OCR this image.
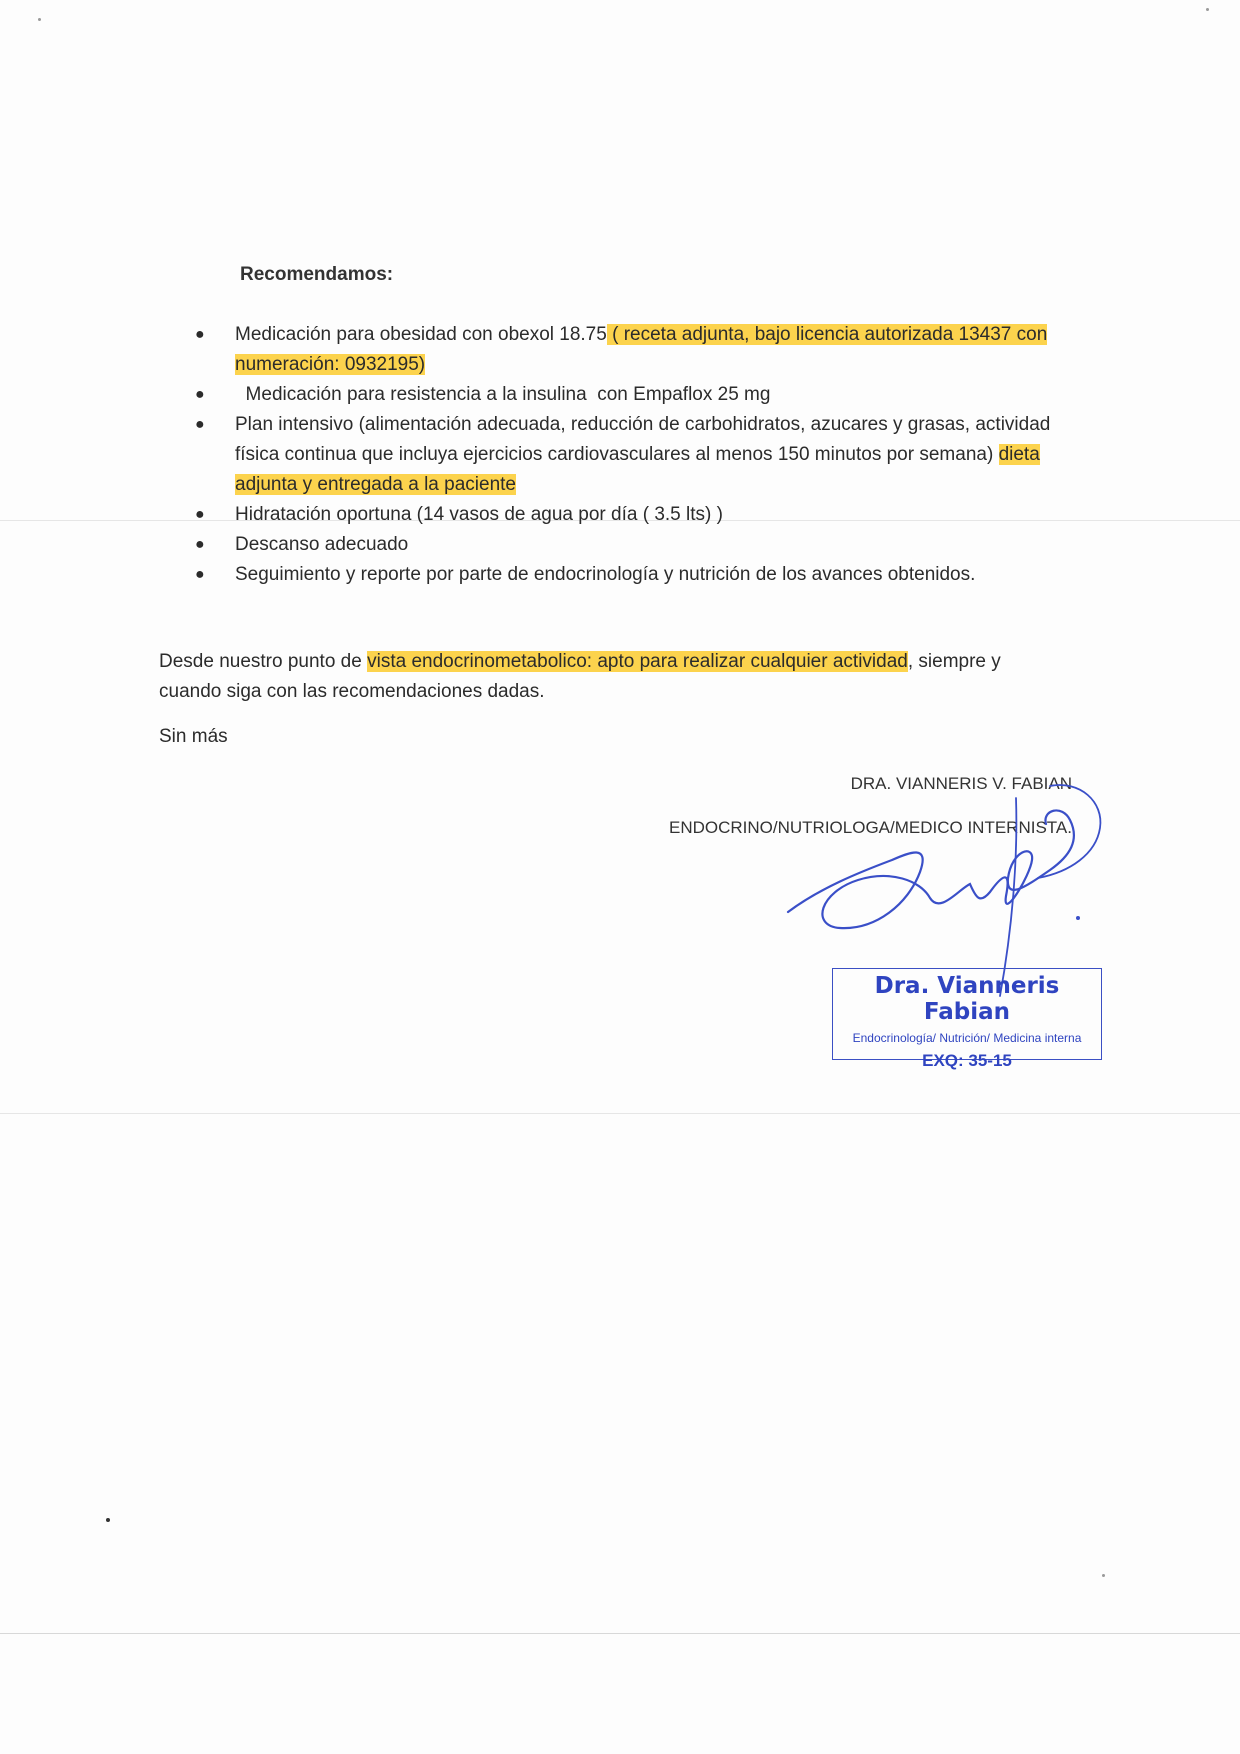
Recomendamos:
● Medicación para obesidad con obexol 18.75 ( receta adjunta, bajo licencia autorizada 13437 con numeración: 0932195)
● Medicación para resistencia a la insulina  con Empaflox 25 mg
● Plan intensivo (alimentación adecuada, reducción de carbohidratos, azucares y grasas, actividad física continua que incluya ejercicios cardiovasculares al menos 150 minutos por semana) dieta adjunta y entregada a la paciente
● Hidratación oportuna (14 vasos de agua por día ( 3.5 lts) )
● Descanso adecuado
● Seguimiento y reporte por parte de endocrinología y nutrición de los avances obtenidos.
Desde nuestro punto de vista endocrinometabolico: apto para realizar cualquier actividad, siempre y cuando siga con las recomendaciones dadas.
Sin más
DRA. VIANNERIS V. FABIAN
ENDOCRINO/NUTRIOLOGA/MEDICO INTERNISTA.
Dra. Vianneris Fabian
Endocrinología/ Nutrición/ Medicina interna
EXQ: 35-15
